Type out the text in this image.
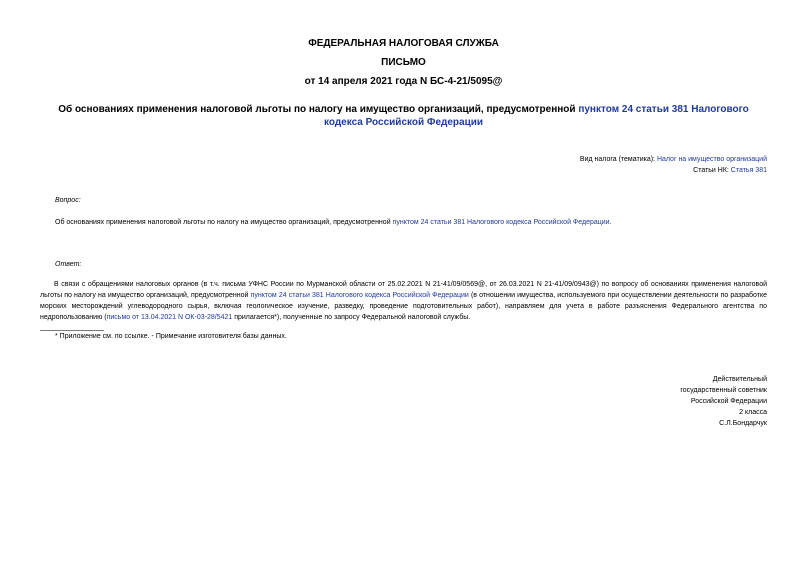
ФЕДЕРАЛЬНАЯ НАЛОГОВАЯ СЛУЖБА
ПИСЬМО
от 14 апреля 2021 года N БС-4-21/5095@
Об основаниях применения налоговой льготы по налогу на имущество организаций, предусмотренной пунктом 24 статьи 381 Налогового кодекса Российской Федерации
Вид налога (тематика): Налог на имущество организаций
Статьи НК: Статья 381
Вопрос:
Об основаниях применения налоговой льготы по налогу на имущество организаций, предусмотренной пунктом 24 статьи 381 Налогового кодекса Российской Федерации.
Ответ:
В связи с обращениями налоговых органов (в т.ч. письма УФНС России по Мурманской области от 25.02.2021 N 21-41/09/0569@, от 26.03.2021 N 21-41/09/0943@) по вопросу об основаниях применения налоговой льготы по налогу на имущество организаций, предусмотренной пунктом 24 статьи 381 Налогового кодекса Российской Федерации (в отношении имущества, используемого при осуществлении деятельности по разработке морских месторождений углеводородного сырья, включая геологическое изучение, разведку, проведение подготовительных работ), направляем для учета в работе разъяснения Федерального агентства по недропользованию (письмо от 13.04.2021 N ОК-03-28/5421 прилагается*), полученные по запросу Федеральной налоговой службы.
* Приложение см. по ссылке. - Примечание изготовителя базы данных.
Действительный
государственный советник
Российской Федерации
2 класса
С.Л.Бондарчук
